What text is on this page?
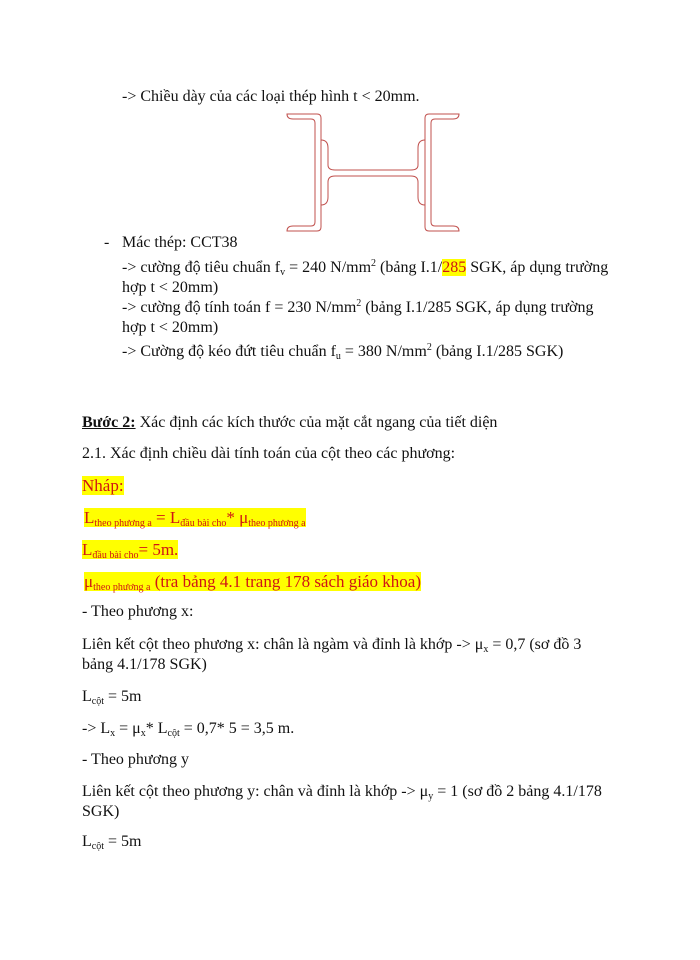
-> Chiều dày của các loại thép hình t < 20mm.
- Mác thép: CCT38
-> cường độ tiêu chuẩn $f_v = 240$ $N/mm^2$ (bảng I.1/285 SGK, áp dụng trường
hợp t < 20mm)
-> cường độ tính toán f = 230 $N/mm^2$ (bảng I.1/285 SGK, áp dụng trường
hợp t < 20mm)
-> Cường độ kéo đứt tiêu chuẩn $f_u = 380$ $N/mm^2$ (bảng I.1/285 SGK)
Bước 2: Xác định các kích thước của mặt cắt ngang của tiết diện
2.1. Xác định chiều dài tính toán của cột theo các phương:
Nháp:
$L_{theo phương a} = L_{đầu bài cho}*$ $\mu_{theo phương a}$
$L_{đầu bài cho}= 5m$.
$\mu_{theo phương a}$ (tra bảng 4.1 trang 178 sách giáo khoa)
- Theo phương x:
Liên kết cột theo phương x: chân là ngàm và đỉnh là khớp -> $\mu_x = 0,7$ (sơ đồ 3
bảng 4.1/178 SGK)
$L_{cột} = 5m$
-> $L_x = \mu_x*$ $L_{cột} = 0,7*$ 5 = 3,5 m.
- Theo phương y
Liên kết cột theo phương y: chân và đỉnh là khớp -> $\mu_y = 1$ (sơ đồ 2 bảng 4.1/178
SGK)
$L_{cột} = 5m$
